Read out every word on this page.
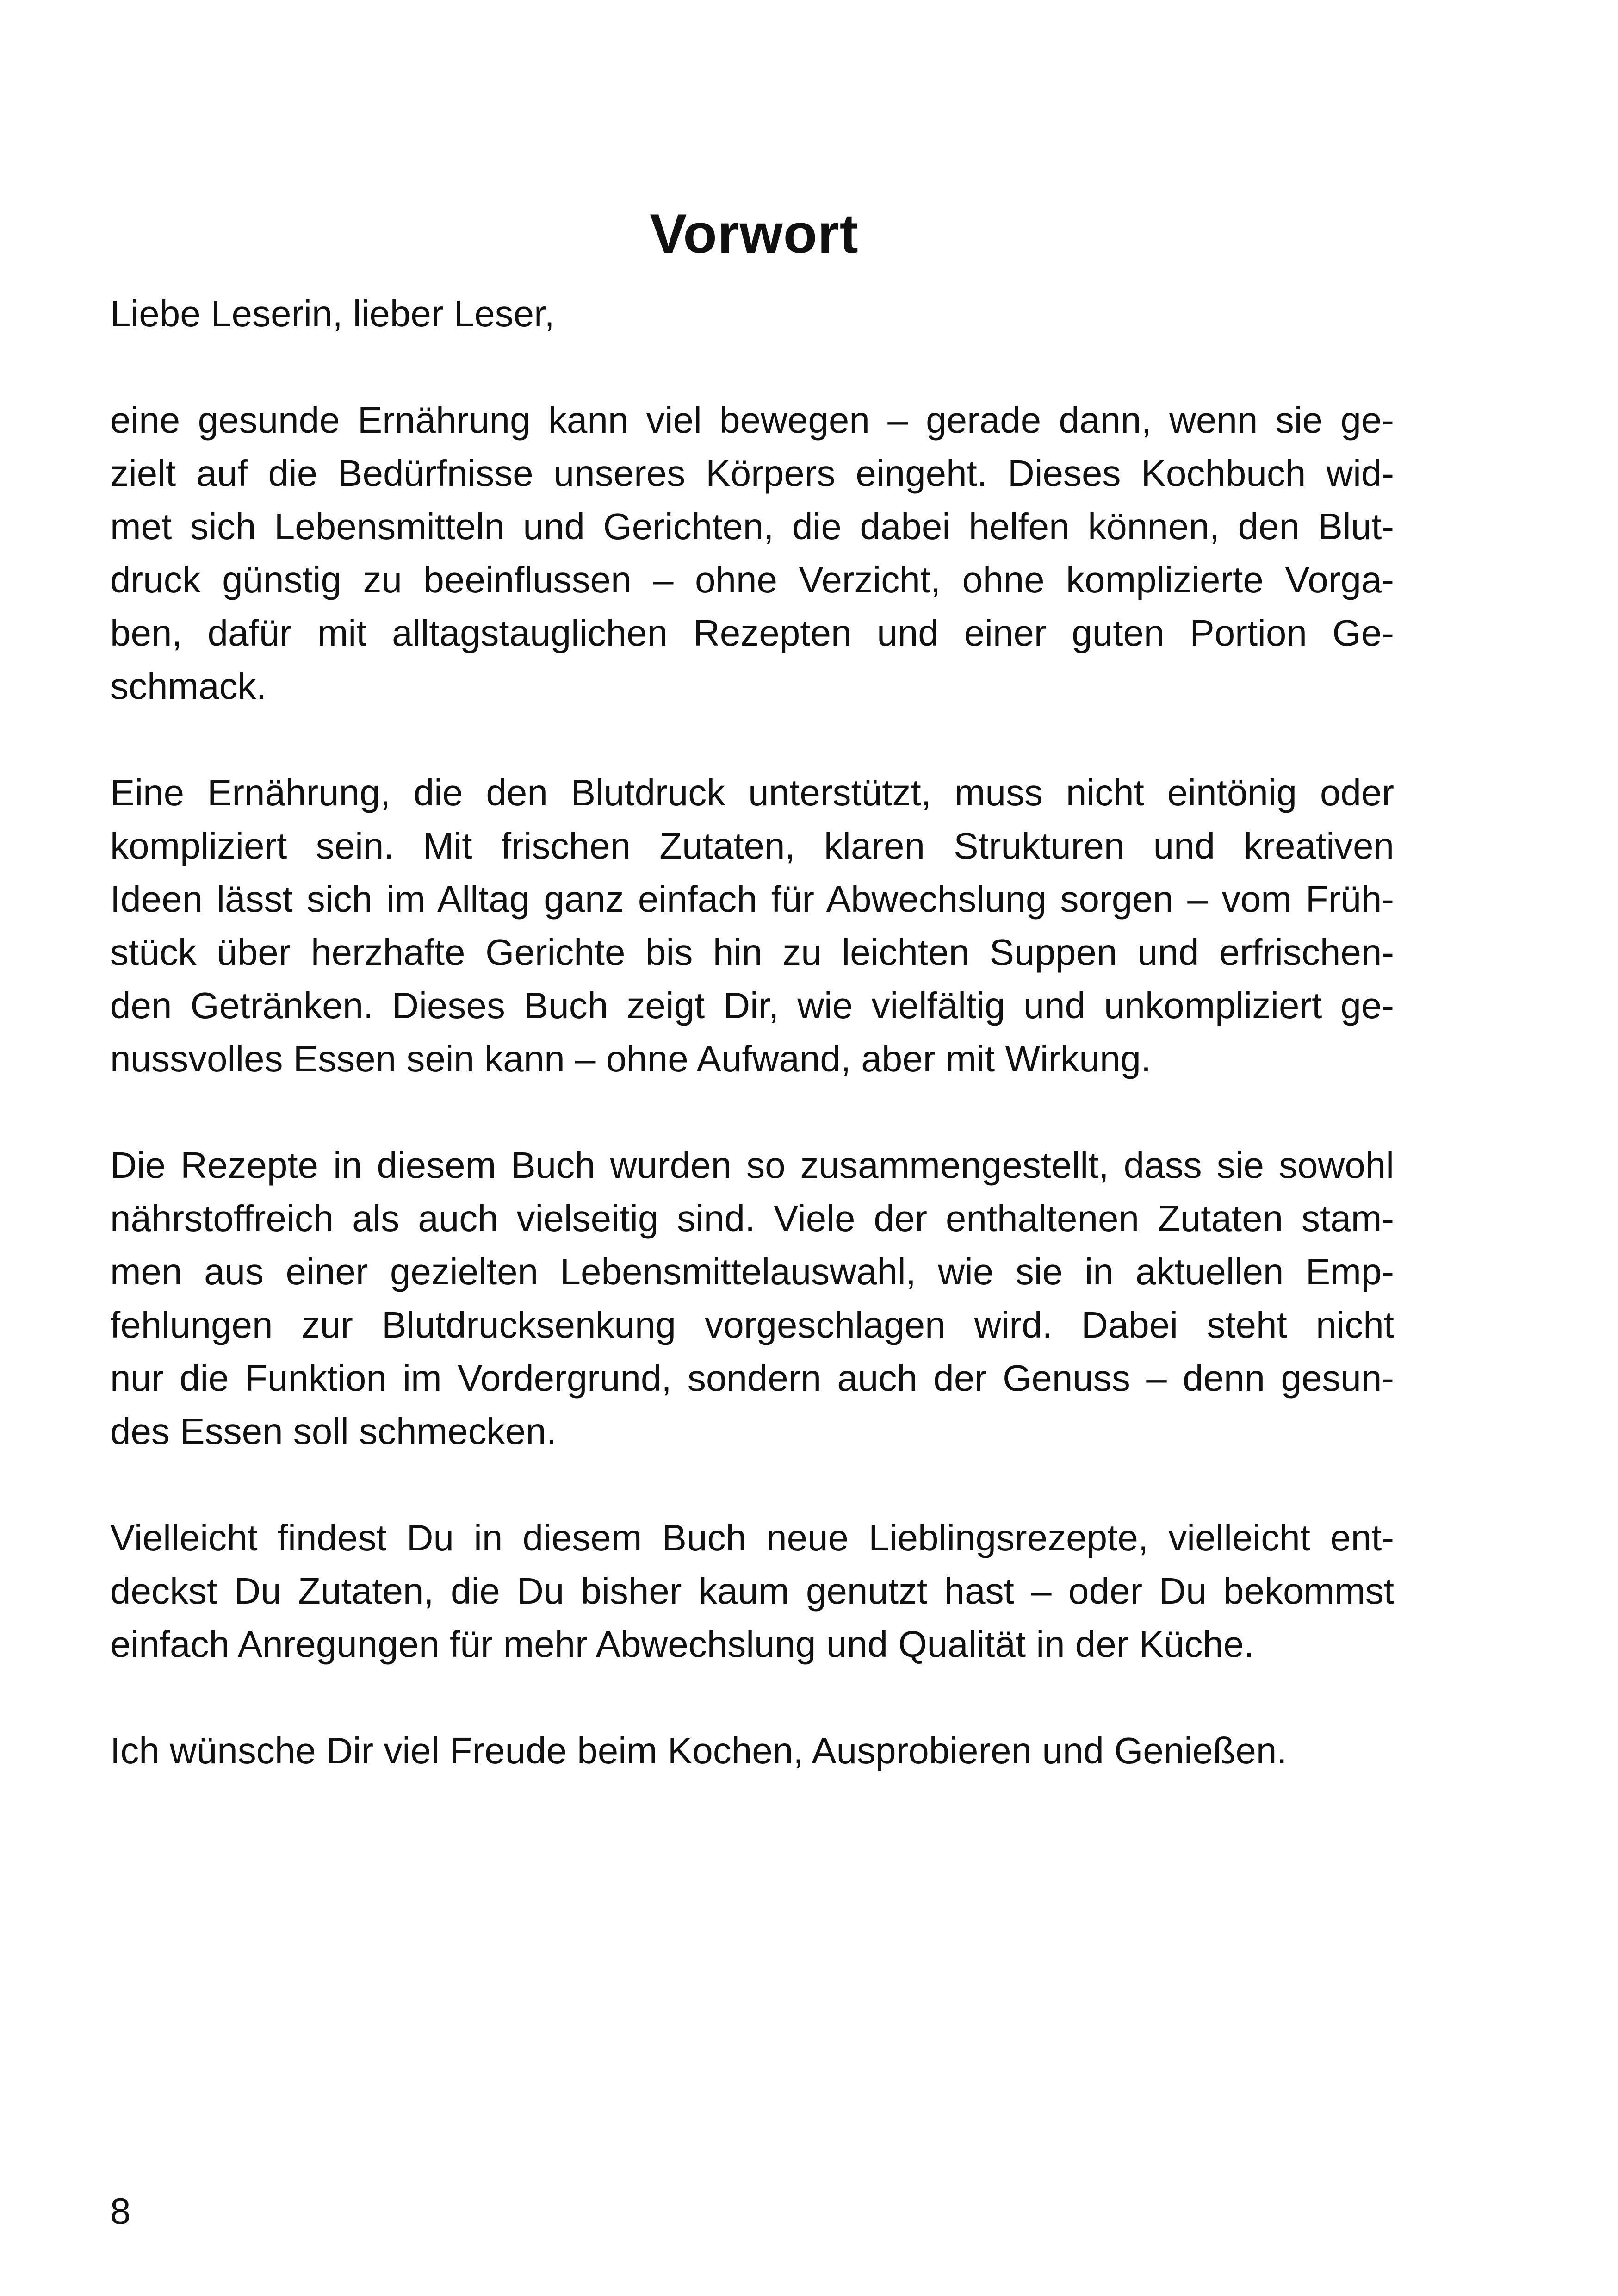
Vorwort
Liebe Leserin, lieber Leser,
eine gesunde Ernährung kann viel bewegen – gerade dann, wenn sie ge-
zielt auf die Bedürfnisse unseres Körpers eingeht. Dieses Kochbuch wid-
met sich Lebensmitteln und Gerichten, die dabei helfen können, den Blut-
druck günstig zu beeinflussen – ohne Verzicht, ohne komplizierte Vorga-
ben, dafür mit alltagstauglichen Rezepten und einer guten Portion Ge-
schmack.
Eine Ernährung, die den Blutdruck unterstützt, muss nicht eintönig oder
kompliziert sein. Mit frischen Zutaten, klaren Strukturen und kreativen
Ideen lässt sich im Alltag ganz einfach für Abwechslung sorgen – vom Früh-
stück über herzhafte Gerichte bis hin zu leichten Suppen und erfrischen-
den Getränken. Dieses Buch zeigt Dir, wie vielfältig und unkompliziert ge-
nussvolles Essen sein kann – ohne Aufwand, aber mit Wirkung.
Die Rezepte in diesem Buch wurden so zusammengestellt, dass sie sowohl
nährstoffreich als auch vielseitig sind. Viele der enthaltenen Zutaten stam-
men aus einer gezielten Lebensmittelauswahl, wie sie in aktuellen Emp-
fehlungen zur Blutdrucksenkung vorgeschlagen wird. Dabei steht nicht
nur die Funktion im Vordergrund, sondern auch der Genuss – denn gesun-
des Essen soll schmecken.
Vielleicht findest Du in diesem Buch neue Lieblingsrezepte, vielleicht ent-
deckst Du Zutaten, die Du bisher kaum genutzt hast – oder Du bekommst
einfach Anregungen für mehr Abwechslung und Qualität in der Küche.
Ich wünsche Dir viel Freude beim Kochen, Ausprobieren und Genießen.
8
